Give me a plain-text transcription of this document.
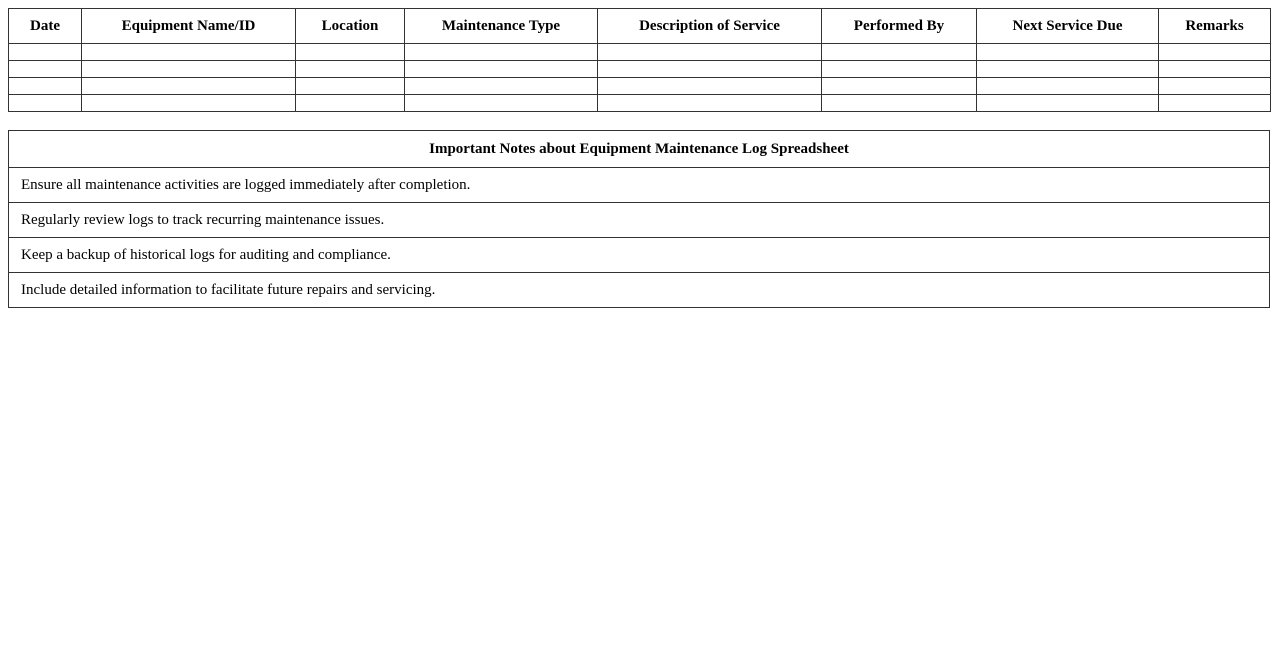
Date	Equipment Name/ID	Location	Maintenance Type	Description of Service	Performed By	Next Service Due	Remarks

Important Notes about Equipment Maintenance Log Spreadsheet
Ensure all maintenance activities are logged immediately after completion.
Regularly review logs to track recurring maintenance issues.
Keep a backup of historical logs for auditing and compliance.
Include detailed information to facilitate future repairs and servicing.
